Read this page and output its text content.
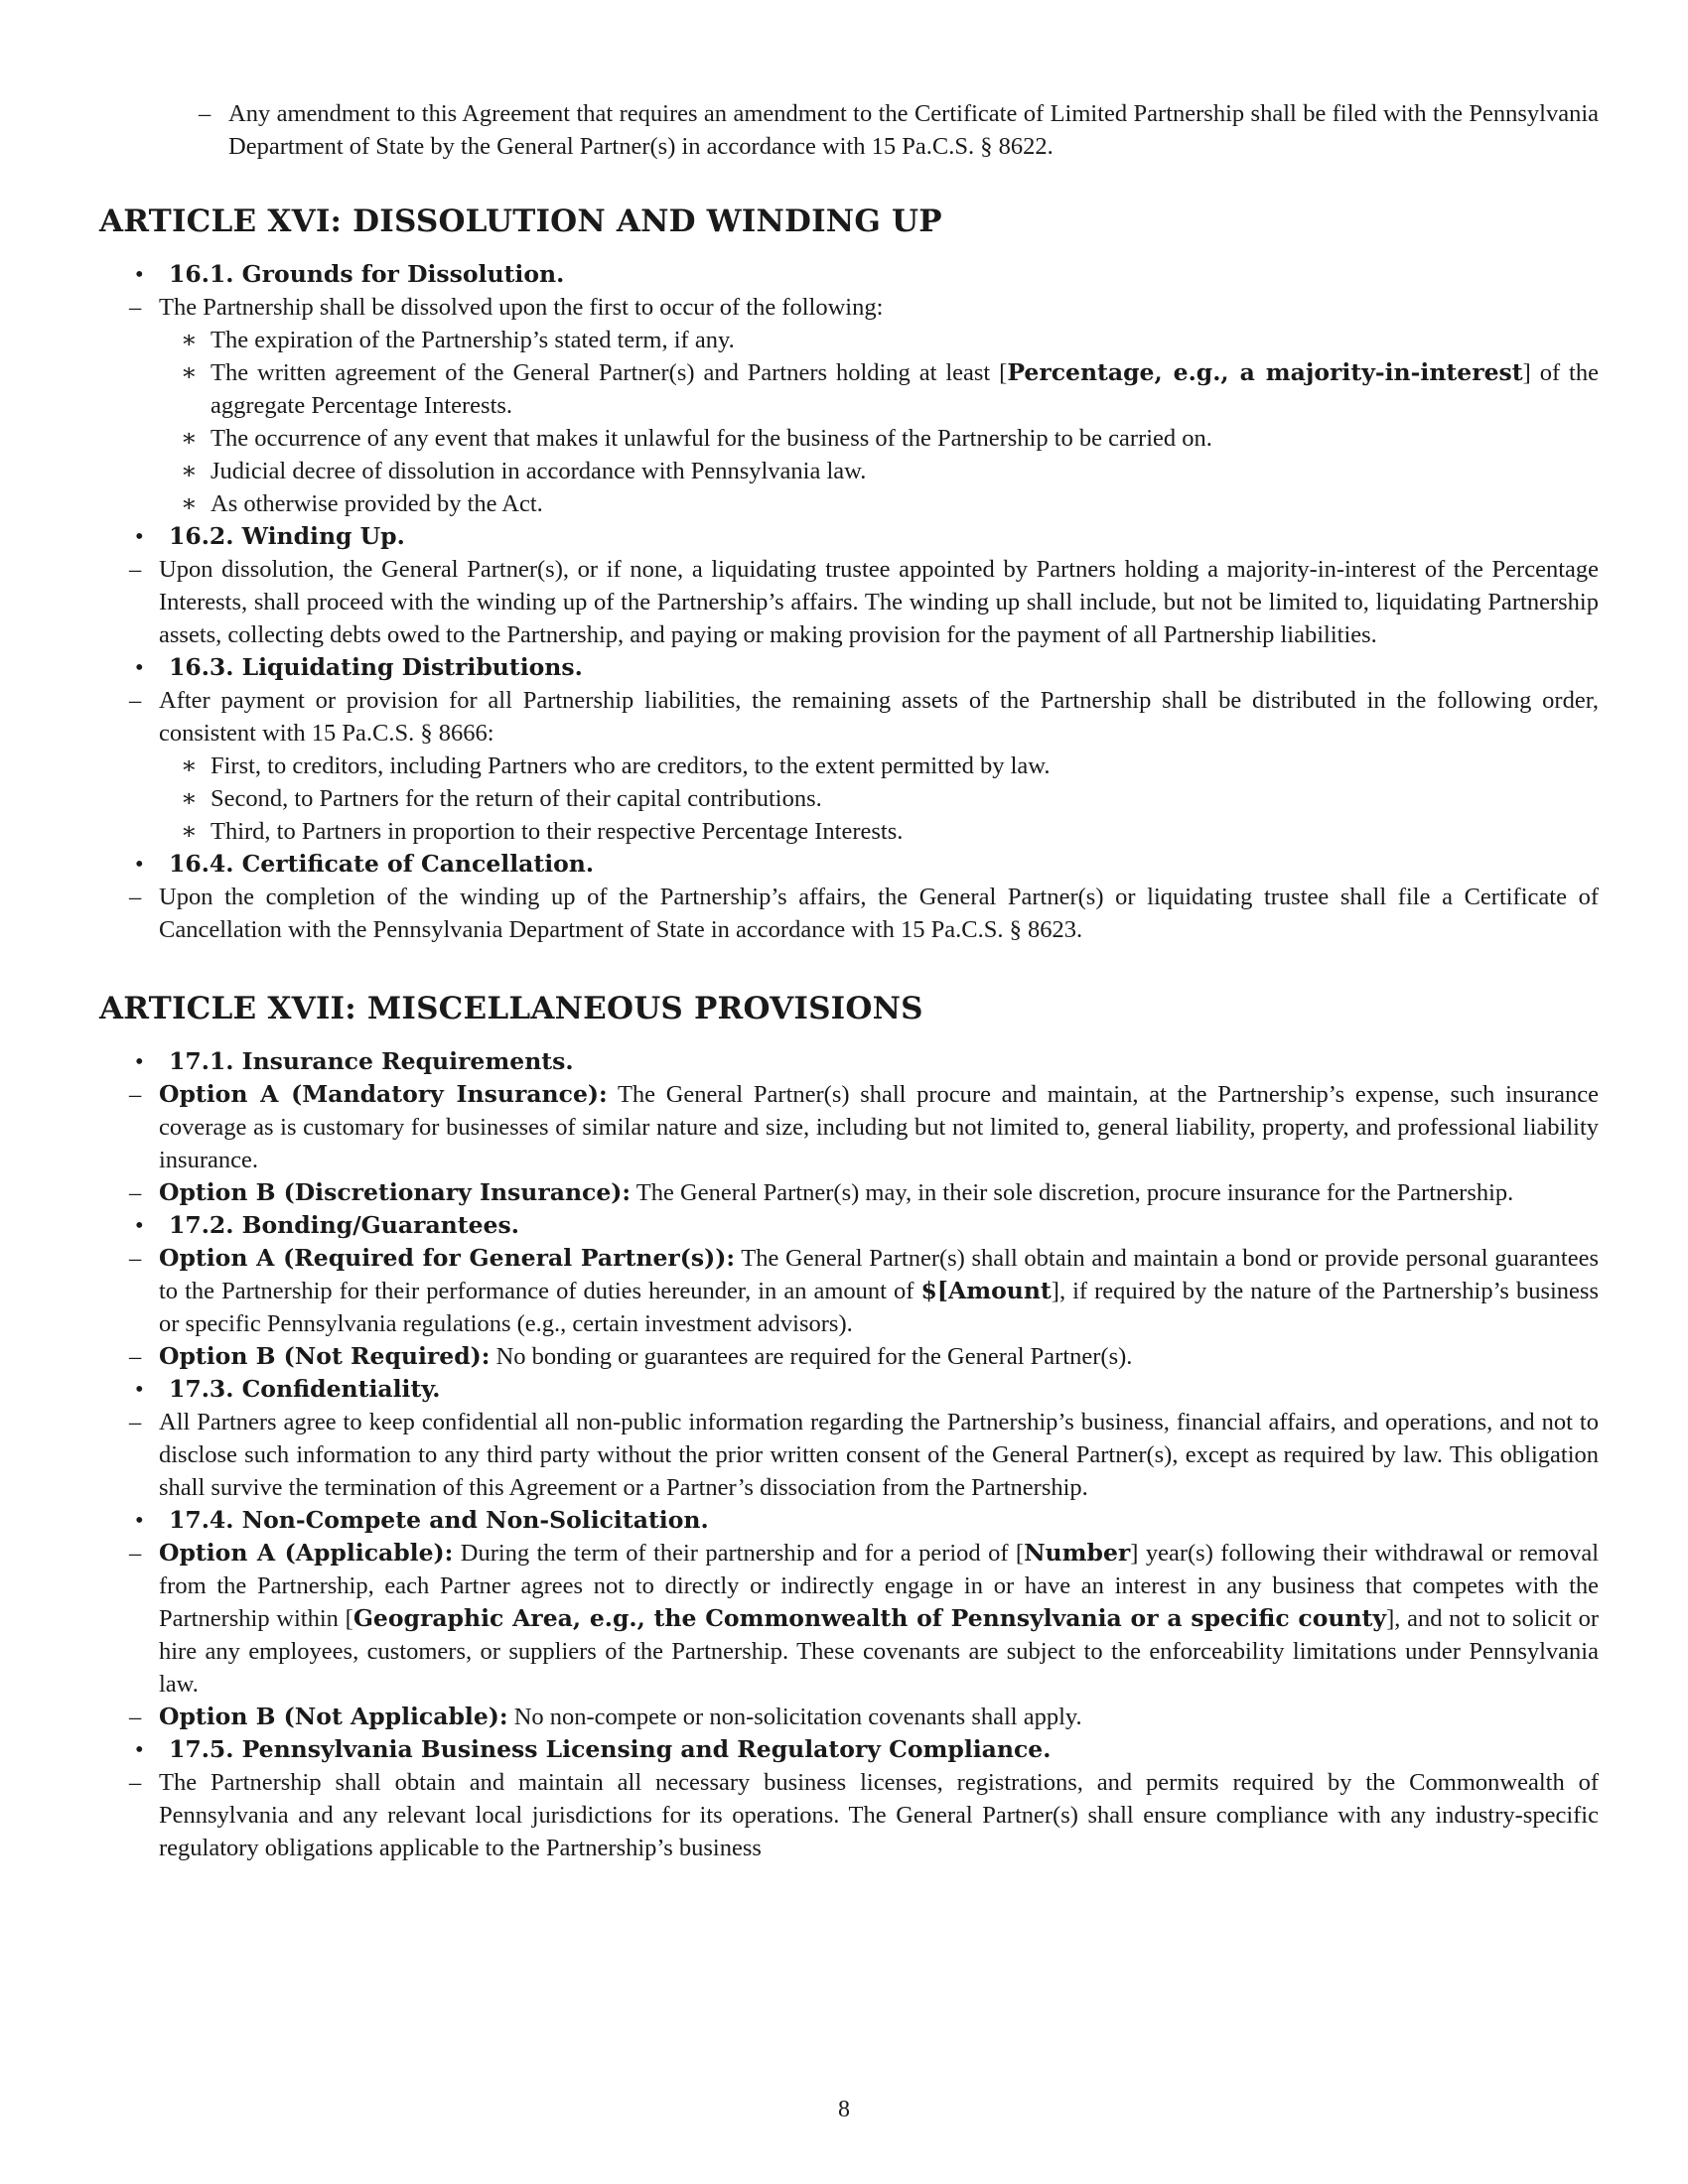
– Any amendment to this Agreement that requires an amendment to the Certificate of Limited Partnership shall be filed with the Pennsylvania Department of State by the General Partner(s) in accordance with 15 Pa.C.S. § 8622.
ARTICLE XVI: DISSOLUTION AND WINDING UP
• 16.1. Grounds for Dissolution.
– The Partnership shall be dissolved upon the first to occur of the following:
∗ The expiration of the Partnership’s stated term, if any.
∗ The written agreement of the General Partner(s) and Partners holding at least [Percentage, e.g., a majority-in-interest] of the aggregate Percentage Interests.
∗ The occurrence of any event that makes it unlawful for the business of the Partnership to be carried on.
∗ Judicial decree of dissolution in accordance with Pennsylvania law.
∗ As otherwise provided by the Act.
• 16.2. Winding Up.
– Upon dissolution, the General Partner(s), or if none, a liquidating trustee appointed by Partners holding a majority-in-interest of the Percentage Interests, shall proceed with the winding up of the Partnership’s affairs. The winding up shall include, but not be limited to, liquidating Partnership assets, collecting debts owed to the Partnership, and paying or making provision for the payment of all Partnership liabilities.
• 16.3. Liquidating Distributions.
– After payment or provision for all Partnership liabilities, the remaining assets of the Partnership shall be distributed in the following order, consistent with 15 Pa.C.S. § 8666:
∗ First, to creditors, including Partners who are creditors, to the extent permitted by law.
∗ Second, to Partners for the return of their capital contributions.
∗ Third, to Partners in proportion to their respective Percentage Interests.
• 16.4. Certificate of Cancellation.
– Upon the completion of the winding up of the Partnership’s affairs, the General Partner(s) or liquidating trustee shall file a Certificate of Cancellation with the Pennsylvania Department of State in accordance with 15 Pa.C.S. § 8623.
ARTICLE XVII: MISCELLANEOUS PROVISIONS
• 17.1. Insurance Requirements.
– Option A (Mandatory Insurance): The General Partner(s) shall procure and maintain, at the Partnership’s expense, such insurance coverage as is customary for businesses of similar nature and size, including but not limited to, general liability, property, and professional liability insurance.
– Option B (Discretionary Insurance): The General Partner(s) may, in their sole discretion, procure insurance for the Partnership.
• 17.2. Bonding/Guarantees.
– Option A (Required for General Partner(s)): The General Partner(s) shall obtain and maintain a bond or provide personal guarantees to the Partnership for their performance of duties hereunder, in an amount of $[Amount], if required by the nature of the Partnership’s business or specific Pennsylvania regulations (e.g., certain investment advisors).
– Option B (Not Required): No bonding or guarantees are required for the General Partner(s).
• 17.3. Confidentiality.
– All Partners agree to keep confidential all non-public information regarding the Partnership’s business, financial affairs, and operations, and not to disclose such information to any third party without the prior written consent of the General Partner(s), except as required by law. This obligation shall survive the termination of this Agreement or a Partner’s dissociation from the Partnership.
• 17.4. Non-Compete and Non-Solicitation.
– Option A (Applicable): During the term of their partnership and for a period of [Number] year(s) following their withdrawal or removal from the Partnership, each Partner agrees not to directly or indirectly engage in or have an interest in any business that competes with the Partnership within [Geographic Area, e.g., the Commonwealth of Pennsylvania or a specific county], and not to solicit or hire any employees, customers, or suppliers of the Partnership. These covenants are subject to the enforceability limitations under Pennsylvania law.
– Option B (Not Applicable): No non-compete or non-solicitation covenants shall apply.
• 17.5. Pennsylvania Business Licensing and Regulatory Compliance.
– The Partnership shall obtain and maintain all necessary business licenses, registrations, and permits required by the Commonwealth of Pennsylvania and any relevant local jurisdictions for its operations. The General Partner(s) shall ensure compliance with any industry-specific regulatory obligations applicable to the Partnership’s business
8
